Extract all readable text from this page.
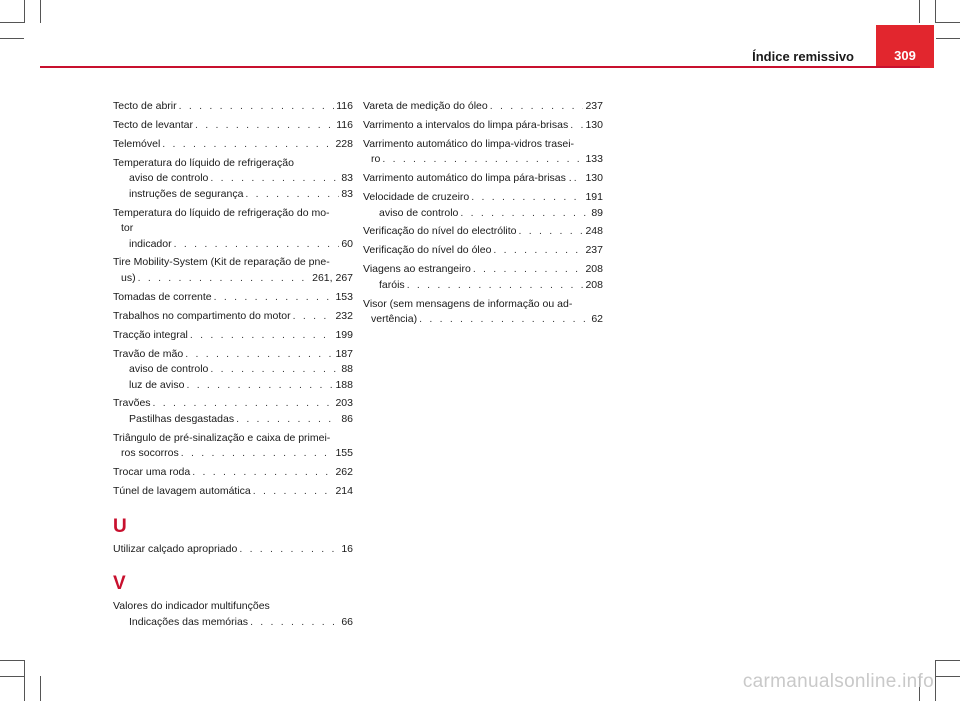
Índice remissivo	309
Tecto de abrir . . .	116
Tecto de levantar . . .	116
Telemóvel . . .	228
Temperatura do líquido de refrigeração
aviso de controlo . . .	83
instruções de segurança . . .	83
Temperatura do líquido de refrigeração do mo-
tor
indicador . . .	60
Tire Mobility-System (Kit de reparação de pne-
us) . . .	261, 267
Tomadas de corrente . . .	153
Trabalhos no compartimento do motor . . .	232
Tracção integral . . .	199
Travão de mão . . .	187
aviso de controlo . . .	88
luz de aviso . . .	188
Travões . . .	203
Pastilhas desgastadas . . .	86
Triângulo de pré-sinalização e caixa de primei-
ros socorros . . .	155
Trocar uma roda . . .	262
Túnel de lavagem automática . . .	214
U
Utilizar calçado apropriado . . .	16
V
Valores do indicador multifunções
Indicações das memórias . . .	66
Vareta de medição do óleo . . .	237
Varrimento a intervalos do limpa pára-brisas . . . 130
Varrimento automático do limpa-vidros trasei-
ro . . .	133
Varrimento automático do limpa pára-brisas . . . . 130
Velocidade de cruzeiro . . .	191
aviso de controlo . . .	89
Verificação do nível do electrólito . . .	248
Verificação do nível do óleo . . .	237
Viagens ao estrangeiro . . .	208
faróis . . .	208
Visor (sem mensagens de informação ou ad-
vertência) . . .	62
carmanualsonline.info
